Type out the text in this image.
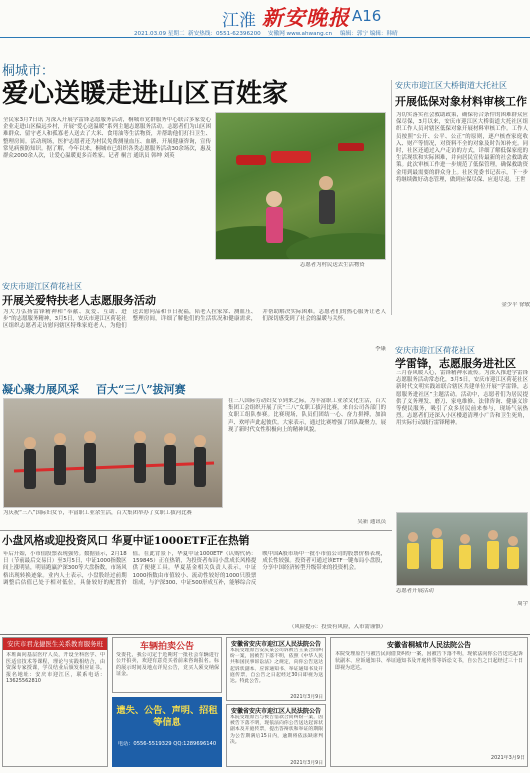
江淮 新安晚报 A16
2021.03.09 星期二 新安热线：0551-62396200 安徽网 www.ahwang.cn 编辑：郭宁 编辑：韩晴
桐城市：
爱心送暖走进山区百姓家
全民家3月7日讯 为深入开展学雷锋志愿服务活动，桐城市党群服务中心联合多家爱心企业走进山区偏远乡村，开展“爱心送温暖”系列主题志愿服务活动。志愿者们为山区困难群众、留守老人和孤寡老人送去了大米、食用油等生活物资，并帮助他们打扫卫生、整理房间。活动现场，医护志愿者还为村民免费测量血压、血糖，开展健康咨询，宣传常见病预防知识。据了解，今年以来，桐城市已组织各类志愿服务活动30余场次，惠及群众2000余人次，让爱心温暖更多百姓家。记者 桐言 通讯员 韩坤 刘英
志愿者为村民送去生活物资
安庆市迎江区大桥街道大托社区
开展低保对象材料审核工作
为切实落实社会救助政策，确保符合条件的困难群众应保尽保，3月以来，安庆市迎江区大桥街道大托社区组织工作人员对辖区低保对象开展材料审核工作。工作人员按照“公开、公平、公正”的原则，逐户核查家庭收入、财产等情况，对资料不全的对象及时告知补充。同时，社区还通过入户走访的方式，详细了解低保家庭的生活现状和实际困难，并向居民宣传最新的社会救助政策。此次审核工作进一步规范了低保管理，确保救助资金用到最需要的群众身上。社区党委书记表示，下一步将继续做好动态管理，做到应保尽保、应退尽退。王世
金少平 徐敏
安庆市迎江区荷花社区
开展关爱特扶老人志愿服务活动
为大力弘扬雷锋精神和“奉献、友爱、互助、进步”的志愿服务精神，3月5日，安庆市迎江区荷花社区组织志愿者走访慰问辖区特殊家庭老人，为他们送去慰问品和节日祝福，陪老人拉家常、测血压、整理房间，详细了解他们的生活状况和健康需求，并帮助解决实际困难。志愿者们的热心服务让老人们深切感受到了社会的温暖与关怀。
李康 安庆市迎江区荷花社区
学雷锋，志愿服务进社区
三月春风暖人心，雷锋精神永流传。为深入推进学雷锋志愿服务活动常态化，3月5日，安庆市迎江区荷花社区新时代文明实践站联合辖区共建单位开展“学雷锋，志愿服务进社区”主题活动。活动中，志愿者们为居民提供了义务理发、磨刀、家电维修、法律咨询、健康义诊等便民服务，吸引了众多居民前来参与，现场气氛热烈。志愿者们还深入小区楼道清理小广告和卫生死角，用实际行动践行雷锋精神。
志愿者开展活动
周宇
凝心聚力展风采 百大“三八”拔河赛
为庆祝“三八”国际妇女节，丰富职工业余生活，百大集团举办了女职工拔河比赛
在三八国际劳动妇女节到来之际，为丰富职工业余文化生活，百大集团工会组织开展了庆“三八”女职工拔河比赛，来自公司各部门的女职工组队参赛。比赛现场，队员们团结一心、奋力拼搏，加油声、欢呼声此起彼伏。大家表示，通过比赛增强了团队凝聚力，展现了新时代女性积极向上的精神风貌。
吴新 通讯员
小盘风格或迎投资风口 华夏中证1000ETF正在热销
年后开始，小市值股票表现强势。数据显示，2月18日（节前最后交易日）至3月5日，中证1000指数区间上涨明显，明显跑赢沪深300等大盘指数，市场风格出现转换迹象。业内人士表示，小盘股经过前期调整后估值已处于相对低位，具备较好的配置价值。在此背景下，华夏中证1000ETF（认购代码：159845）正在热销，为投资者布局小盘成长风格提供了便捷工具。华夏基金相关负责人表示，中证1000指数由市值较小、流动性较好的1000只股票组成，与沪深300、中证500形成互补，能够综合反映中国A股市场中一批小市值公司的股票价格表现，成长性较强。投资者可通过该ETF一键布局小盘股，分享中国经济转型升级带来的投资机会。
（风险提示：投资有风险，入市需谨慎）
安庆市君龙捷医生关系教育服务班
本班面向基层医疗人员，开设全科医学、中医适宜技术等课程，理论与实践相结合，由资深专家授课，学员结业后颁发相应证书。报名地址：安庆市迎江区，联系电话：13625562810
车辆拍卖公告
受委托，我公司定于近期对一批社会车辆进行公开拍卖，欢迎有意竞买者前来咨询报名。标的展示时间及地点详见公告，竞买人须交纳保证金。
遗失、公告、声明、招租等信息
电话：0556-5519329 QQ:1289696140
安徽省安庆市迎江区人民法院公告
本院受理原告安庆某公司诉被告王某合同纠纷一案，因被告下落不明，依照《中华人民共和国民事诉讼法》之规定，向你公告送达起诉状副本、应诉通知书、举证通知书及开庭传票，自公告之日起经过30日即视为送达。特此公告。
2021年3月9日
安徽省安庆市迎江区人民法院公告
本院受理原告与被告借款合同纠纷一案，因被告下落不明，现依法向你公告送达起诉状副本及开庭传票，提出答辩状和举证的期限为公告期满后15日内，逾期将依法缺席判决。
2021年3月9日
安徽省桐城市人民法院公告
本院受理原告与被告民间借贷纠纷一案，因被告下落不明，现依法向你公告送达起诉状副本、应诉通知书、举证通知书及开庭传票等诉讼文书，自公告之日起经过三十日即视为送达。
2021年3月9日
